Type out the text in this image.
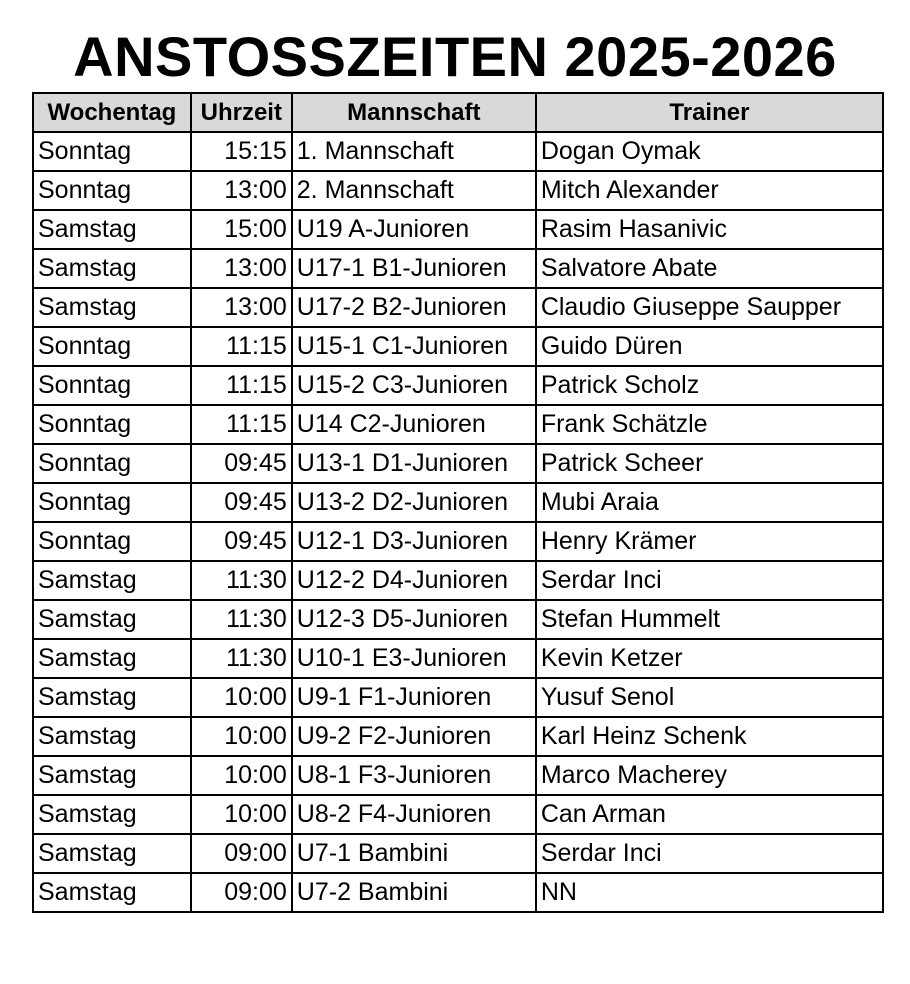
ANSTOSSZEITEN 2025-2026
Wochentag	Uhrzeit	Mannschaft	Trainer
Sonntag	15:15	1. Mannschaft	Dogan Oymak
Sonntag	13:00	2. Mannschaft	Mitch Alexander
Samstag	15:00	U19 A-Junioren	Rasim Hasanivic
Samstag	13:00	U17-1 B1-Junioren	Salvatore Abate
Samstag	13:00	U17-2 B2-Junioren	Claudio Giuseppe Saupper
Sonntag	11:15	U15-1 C1-Junioren	Guido Düren
Sonntag	11:15	U15-2 C3-Junioren	Patrick Scholz
Sonntag	11:15	U14 C2-Junioren	Frank Schätzle
Sonntag	09:45	U13-1 D1-Junioren	Patrick Scheer
Sonntag	09:45	U13-2 D2-Junioren	Mubi Araia
Sonntag	09:45	U12-1 D3-Junioren	Henry Krämer
Samstag	11:30	U12-2 D4-Junioren	Serdar Inci
Samstag	11:30	U12-3 D5-Junioren	Stefan Hummelt
Samstag	11:30	U10-1 E3-Junioren	Kevin Ketzer
Samstag	10:00	U9-1 F1-Junioren	Yusuf Senol
Samstag	10:00	U9-2 F2-Junioren	Karl Heinz Schenk
Samstag	10:00	U8-1 F3-Junioren	Marco Macherey
Samstag	10:00	U8-2 F4-Junioren	Can Arman
Samstag	09:00	U7-1 Bambini	Serdar Inci
Samstag	09:00	U7-2 Bambini	NN
